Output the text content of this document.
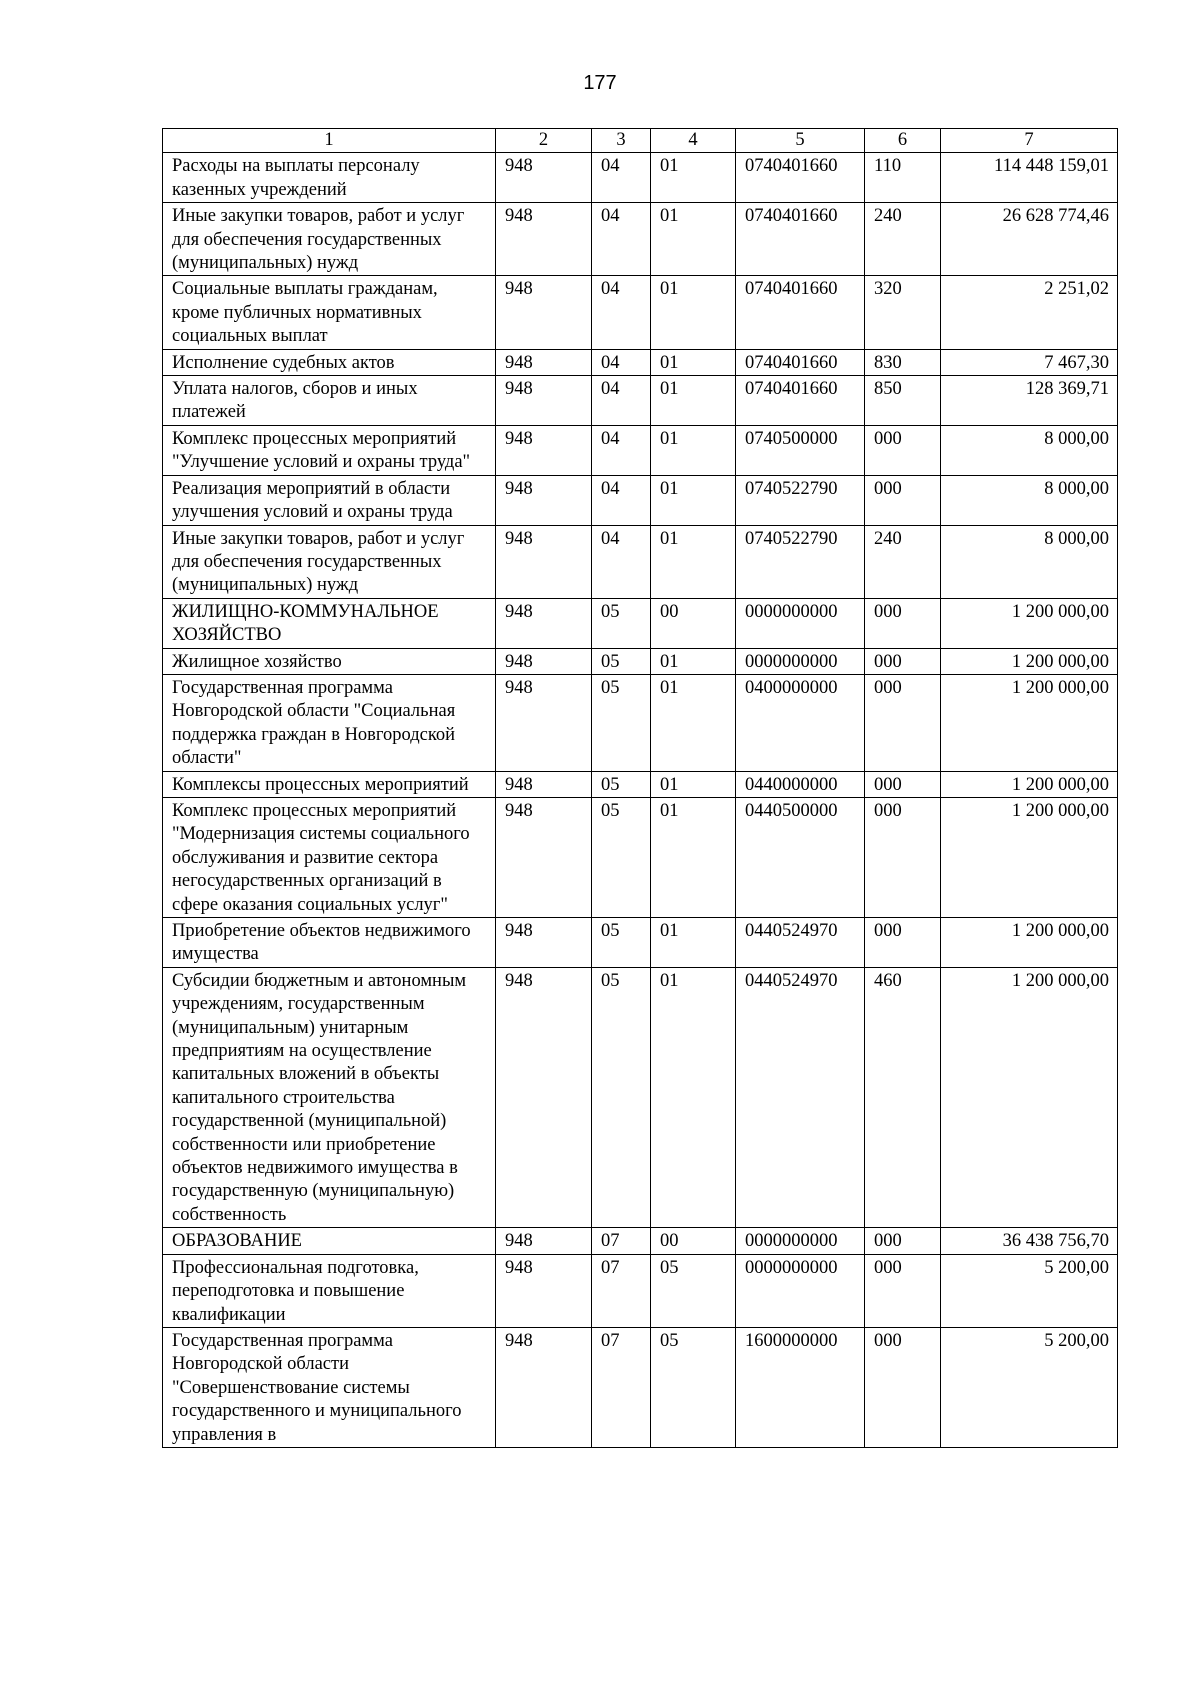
177
1	2	3	4	5	6	7
Расходы на выплаты персоналу казенных учреждений	948	04	01	0740401660	110	114 448 159,01
Иные закупки товаров, работ и услуг для обеспечения государственных (муниципальных) нужд	948	04	01	0740401660	240	26 628 774,46
Социальные выплаты гражданам, кроме публичных нормативных социальных выплат	948	04	01	0740401660	320	2 251,02
Исполнение судебных актов	948	04	01	0740401660	830	7 467,30
Уплата налогов, сборов и иных платежей	948	04	01	0740401660	850	128 369,71
Комплекс процессных мероприятий "Улучшение условий и охраны труда"	948	04	01	0740500000	000	8 000,00
Реализация мероприятий в области улучшения условий и охраны труда	948	04	01	0740522790	000	8 000,00
Иные закупки товаров, работ и услуг для обеспечения государственных (муниципальных) нужд	948	04	01	0740522790	240	8 000,00
ЖИЛИЩНО-КОММУНАЛЬНОЕ ХОЗЯЙСТВО	948	05	00	0000000000	000	1 200 000,00
Жилищное хозяйство	948	05	01	0000000000	000	1 200 000,00
Государственная программа Новгородской области "Социальная поддержка граждан в Новгородской области"	948	05	01	0400000000	000	1 200 000,00
Комплексы процессных мероприятий	948	05	01	0440000000	000	1 200 000,00
Комплекс процессных мероприятий "Модернизация системы социального обслуживания и развитие сектора негосударственных организаций в сфере оказания социальных услуг"	948	05	01	0440500000	000	1 200 000,00
Приобретение объектов недвижимого имущества	948	05	01	0440524970	000	1 200 000,00
Субсидии бюджетным и автономным учреждениям, государственным (муниципальным) унитарным предприятиям на осуществление капитальных вложений в объекты капитального строительства государственной (муниципальной) собственности или приобретение объектов недвижимого имущества в государственную (муниципальную) собственность	948	05	01	0440524970	460	1 200 000,00
ОБРАЗОВАНИЕ	948	07	00	0000000000	000	36 438 756,70
Профессиональная подготовка, переподготовка и повышение квалификации	948	07	05	0000000000	000	5 200,00
Государственная программа Новгородской области "Совершенствование системы государственного и муниципального управления в	948	07	05	1600000000	000	5 200,00
